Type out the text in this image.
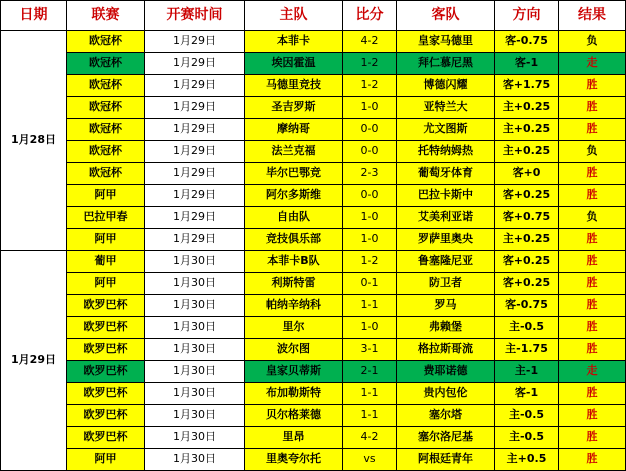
日期	联赛	开赛时间	主队	比分	客队	方向	结果
1月28日	欧冠杯	1月29日	本菲卡	4-2	皇家马德里	客-0.75	负
	欧冠杯	1月29日	埃因霍温	1-2	拜仁慕尼黑	客-1	走
	欧冠杯	1月29日	马德里竞技	1-2	博德闪耀	客+1.75	胜
	欧冠杯	1月29日	圣吉罗斯	1-0	亚特兰大	主+0.25	胜
	欧冠杯	1月29日	摩纳哥	0-0	尤文图斯	主+0.25	胜
	欧冠杯	1月29日	法兰克福	0-0	托特纳姆热	主+0.25	负
	欧冠杯	1月29日	毕尔巴鄂竞	2-3	葡萄牙体育	客+0	胜
	阿甲	1月29日	阿尔多斯维	0-0	巴拉卡斯中	客+0.25	胜
	巴拉甲春	1月29日	自由队	1-0	艾美利亚诺	客+0.75	负
	阿甲	1月29日	竞技俱乐部	1-0	罗萨里奥央	主+0.25	胜
1月29日	葡甲	1月30日	本菲卡B队	1-2	鲁塞隆尼亚	客+0.25	胜
	阿甲	1月30日	利斯特雷	0-1	防卫者	客+0.25	胜
	欧罗巴杯	1月30日	帕纳辛纳科	1-1	罗马	客-0.75	胜
	欧罗巴杯	1月30日	里尔	1-0	弗赖堡	主-0.5	胜
	欧罗巴杯	1月30日	波尔图	3-1	格拉斯哥流	主-1.75	胜
	欧罗巴杯	1月30日	皇家贝蒂斯	2-1	费耶诺德	主-1	走
	欧罗巴杯	1月30日	布加勒斯特	1-1	贵内包伦	客-1	胜
	欧罗巴杯	1月30日	贝尔格莱德	1-1	塞尔塔	主-0.5	胜
	欧罗巴杯	1月30日	里昂	4-2	塞尔洛尼基	主-0.5	胜
	阿甲	1月30日	里奥夸尔托	vs	阿根廷青年	主+0.5	胜
